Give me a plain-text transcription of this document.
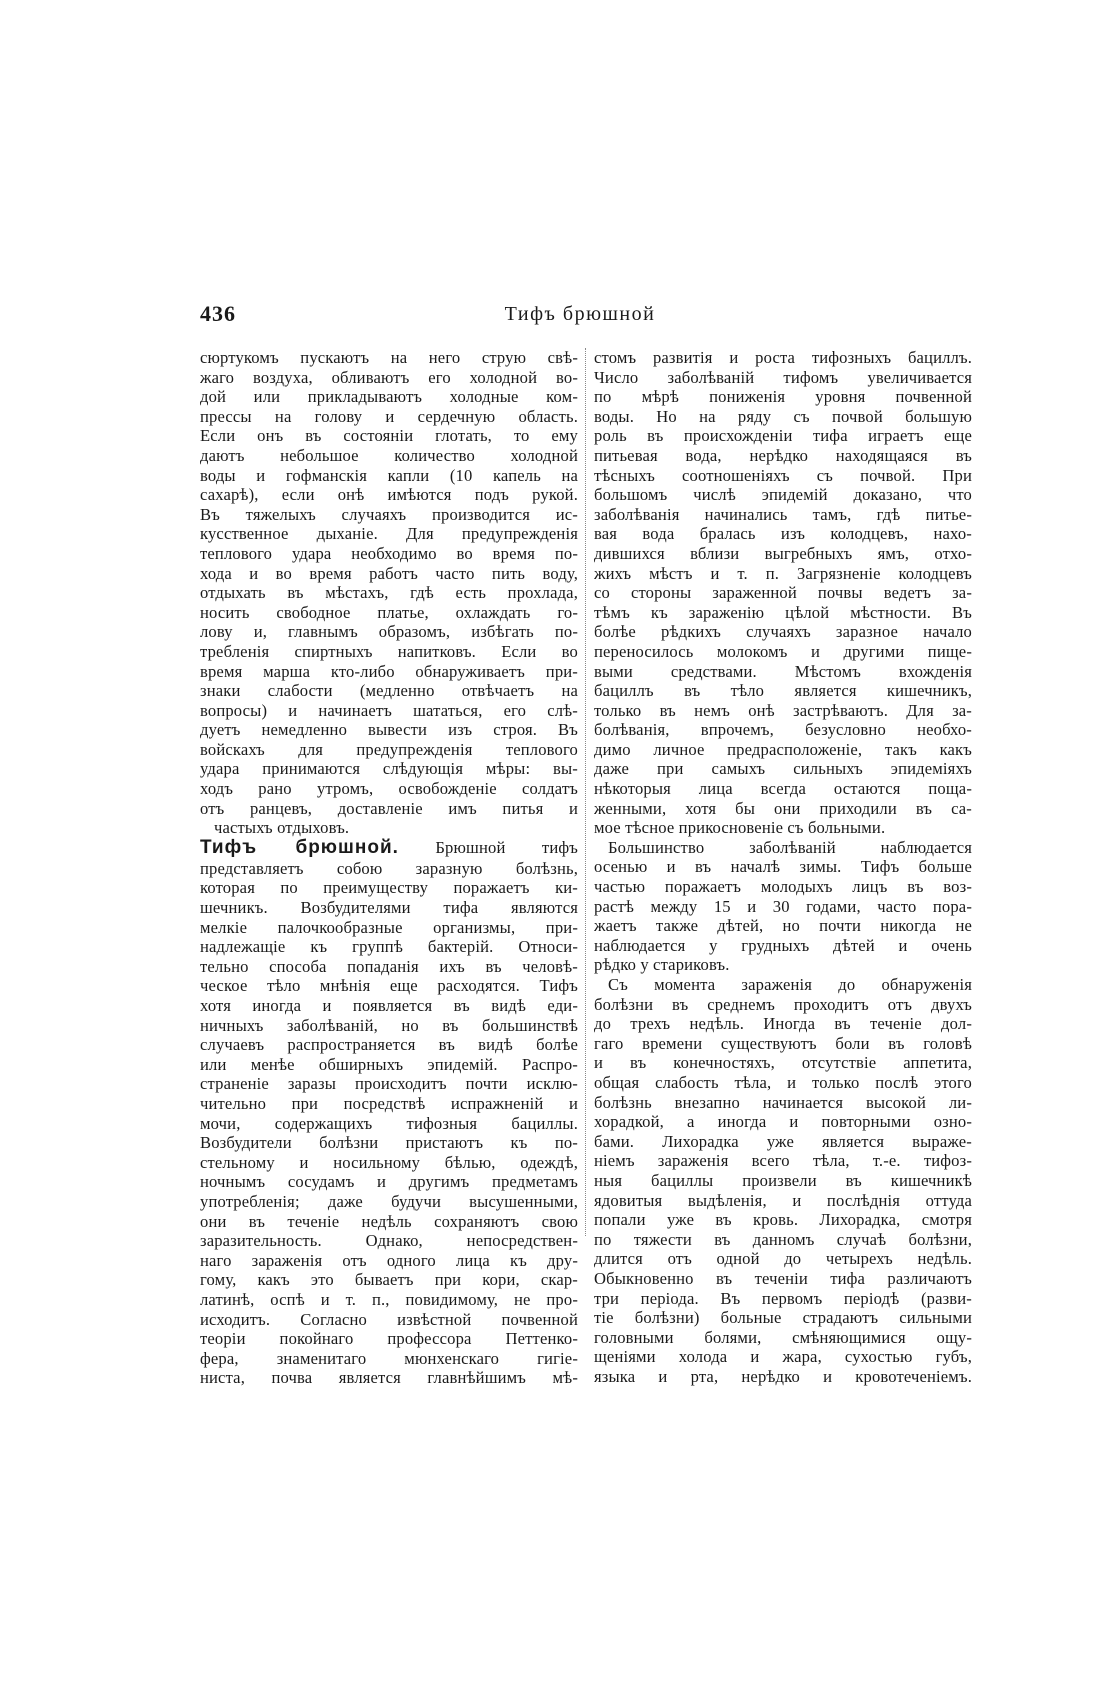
436	Тифъ брюшной
сюртукомъ пускаютъ на него струю свѣ-
жаго воздуха, обливаютъ его холодной во-
дой или прикладываютъ холодные ком-
прессы на голову и сердечную область.
Если онъ въ состоянiи глотать, то ему
даютъ небольшое количество холодной
воды и гофманскiя капли (10 капель на
сахарѣ), если онѣ имѣются подъ рукой.
Въ тяжелыхъ случаяхъ производится ис-
кусственное дыханiе. Для предупрежденiя
теплового удара необходимо во время по-
хода и во время работъ часто пить воду,
отдыхать въ мѣстахъ, гдѣ есть прохлада,
носить свободное платье, охлаждать го-
лову и, главнымъ образомъ, избѣгать по-
требленiя спиртныхъ напитковъ. Если во
время марша кто-либо обнаруживаетъ при-
знаки слабости (медленно отвѣчаетъ на
вопросы) и начинаетъ шататься, его слѣ-
дуетъ немедленно вывести изъ строя. Въ
войскахъ для предупрежденiя теплового
удара принимаются слѣдующiя мѣры: вы-
ходъ рано утромъ, освобожденiе солдатъ
отъ ранцевъ, доставленiе имъ питья и
частыхъ отдыховъ.
Тифъ брюшной. Брюшной тифъ
представляетъ собою заразную болѣзнь,
которая по преимуществу поражаетъ ки-
шечникъ. Возбудителями тифа являются
мелкiе палочкообразные организмы, при-
надлежащiе къ группѣ бактерiй. Относи-
тельно способа попаданiя ихъ въ человѣ-
ческое тѣло мнѣнiя еще расходятся. Тифъ
хотя иногда и появляется въ видѣ еди-
ничныхъ заболѣванiй, но въ большинствѣ
случаевъ распространяется въ видѣ болѣе
или менѣе обширныхъ эпидемiй. Распро-
страненiе заразы происходитъ почти исклю-
чительно при посредствѣ испражненiй и
мочи, содержащихъ тифозныя бациллы.
Возбудители болѣзни пристаютъ къ по-
стельному и носильному бѣлью, одеждѣ,
ночнымъ сосудамъ и другимъ предметамъ
употребленiя; даже будучи высушенными,
они въ теченiе недѣль сохраняютъ свою
заразительность. Однако, непосредствен-
наго зараженiя отъ одного лица къ дру-
гому, какъ это бываетъ при кори, скар-
латинѣ, оспѣ и т. п., повидимому, не про-
исходитъ. Согласно извѣстной почвенной
теорiи покойнаго профессора Петтенко-
фера, знаменитаго мюнхенскаго гигiе-
ниста, почва является главнѣйшимъ мѣ-
стомъ развитiя и роста тифозныхъ бациллъ.
Число заболѣванiй тифомъ увеличивается
по мѣрѣ пониженiя уровня почвенной
воды. Но на ряду съ почвой большую
роль въ происхожденiи тифа играетъ еще
питьевая вода, нерѣдко находящаяся въ
тѣсныхъ соотношенiяхъ съ почвой. При
большомъ числѣ эпидемiй доказано, что
заболѣванiя начинались тамъ, гдѣ питье-
вая вода бралась изъ колодцевъ, нахо-
дившихся вблизи выгребныхъ ямъ, отхо-
жихъ мѣстъ и т. п. Загрязненiе колодцевъ
со стороны зараженной почвы ведетъ за-
тѣмъ къ зараженiю цѣлой мѣстности. Въ
болѣе рѣдкихъ случаяхъ заразное начало
переносилось молокомъ и другими пище-
выми средствами. Мѣстомъ вхожденiя
бациллъ въ тѣло является кишечникъ,
только въ немъ онѣ застрѣваютъ. Для за-
болѣванiя, впрочемъ, безусловно необхо-
димо личное предрасположенiе, такъ какъ
даже при самыхъ сильныхъ эпидемiяхъ
нѣкоторыя лица всегда остаются поща-
женными, хотя бы они приходили въ са-
мое тѣсное прикосновенiе съ больными.
Большинство заболѣванiй наблюдается
осенью и въ началѣ зимы. Тифъ больше
частью поражаетъ молодыхъ лицъ въ воз-
растѣ между 15 и 30 годами, часто пора-
жаетъ также дѣтей, но почти никогда не
наблюдается у грудныхъ дѣтей и очень
рѣдко у стариковъ.
Съ момента зараженiя до обнаруженiя
болѣзни въ среднемъ проходитъ отъ двухъ
до трехъ недѣль. Иногда въ теченiе дол-
гаго времени существуютъ боли въ головѣ
и въ конечностяхъ, отсутствiе аппетита,
общая слабость тѣла, и только послѣ этого
болѣзнь внезапно начинается высокой ли-
хорадкой, а иногда и повторными озно-
бами. Лихорадка уже является выраже-
нiемъ зараженiя всего тѣла, т.-е. тифоз-
ныя бациллы произвели въ кишечникѣ
ядовитыя выдѣленiя, и послѣднiя оттуда
попали уже въ кровь. Лихорадка, смотря
по тяжести въ данномъ случаѣ болѣзни,
длится отъ одной до четырехъ недѣль.
Обыкновенно въ теченiи тифа различаютъ
три перiода. Въ первомъ перiодѣ (разви-
тiе болѣзни) больные страдаютъ сильными
головными болями, смѣняющимися ощу-
щенiями холода и жара, сухостью губъ,
языка и рта, нерѣдко и кровотеченiемъ.
